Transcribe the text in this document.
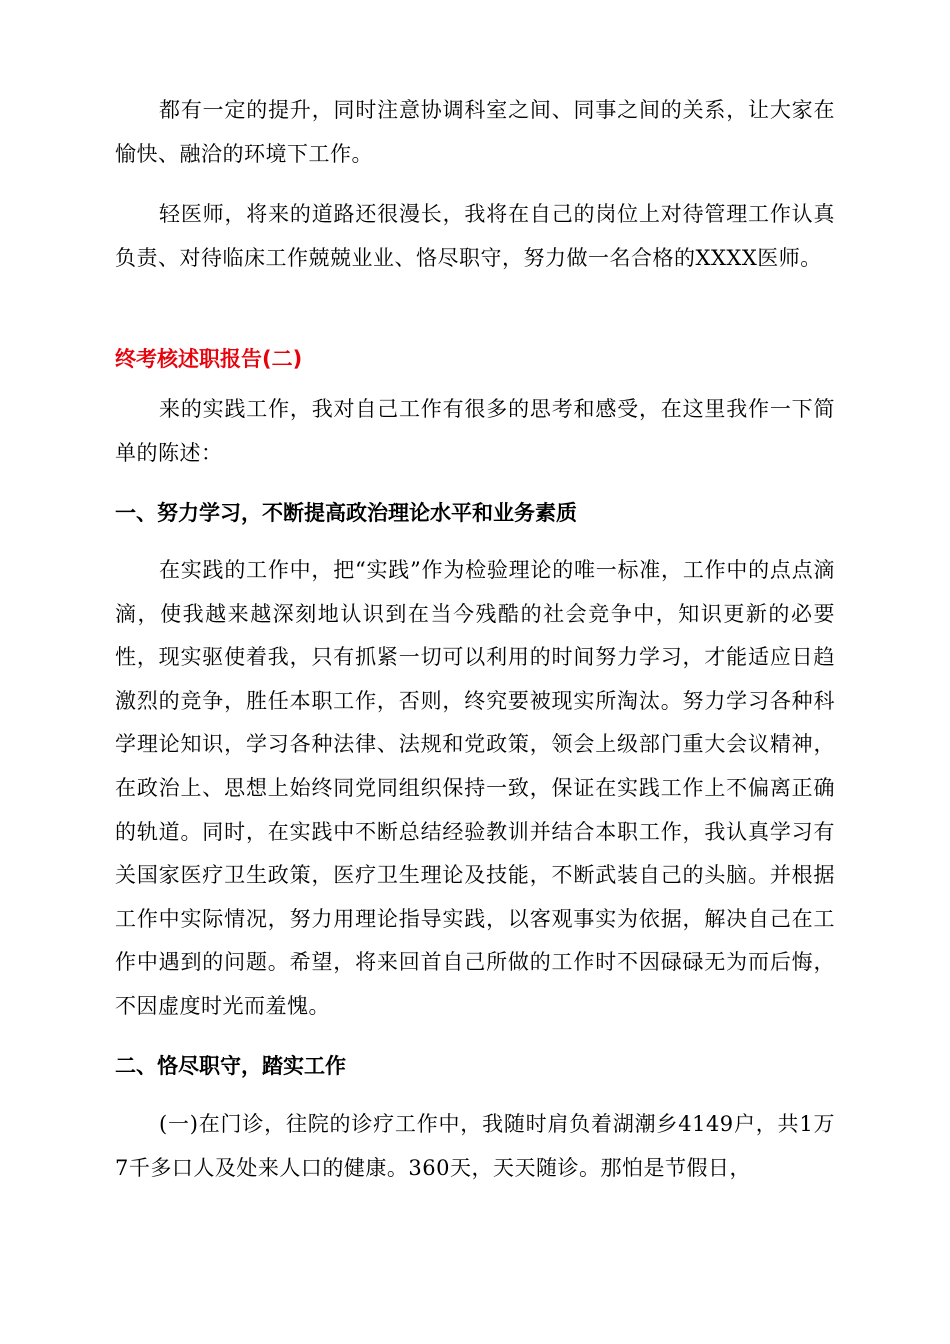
都有一定的提升，同时注意协调科室之间、同事之间的关系，让大家在愉快、融洽的环境下工作。

轻医师，将来的道路还很漫长，我将在自己的岗位上对待管理工作认真负责、对待临床工作兢兢业业、恪尽职守，努力做一名合格的XXXX医师。

终考核述职报告(二)

来的实践工作，我对自己工作有很多的思考和感受，在这里我作一下简单的陈述：

一、努力学习，不断提高政治理论水平和业务素质

在实践的工作中，把“实践”作为检验理论的唯一标准，工作中的点点滴滴，使我越来越深刻地认识到在当今残酷的社会竞争中，知识更新的必要性，现实驱使着我，只有抓紧一切可以利用的时间努力学习，才能适应日趋激烈的竞争，胜任本职工作，否则，终究要被现实所淘汰。努力学习各种科学理论知识，学习各种法律、法规和党政策，领会上级部门重大会议精神，在政治上、思想上始终同党同组织保持一致，保证在实践工作上不偏离正确的轨道。同时，在实践中不断总结经验教训并结合本职工作，我认真学习有关国家医疗卫生政策，医疗卫生理论及技能，不断武装自己的头脑。并根据工作中实际情况，努力用理论指导实践，以客观事实为依据，解决自己在工作中遇到的问题。希望，将来回首自己所做的工作时不因碌碌无为而后悔，不因虚度时光而羞愧。

二、恪尽职守，踏实工作

(一)在门诊，往院的诊疗工作中，我随时肩负着湖潮乡4149户，共1万7千多口人及处来人口的健康。360天，天天随诊。那怕是节假日，
